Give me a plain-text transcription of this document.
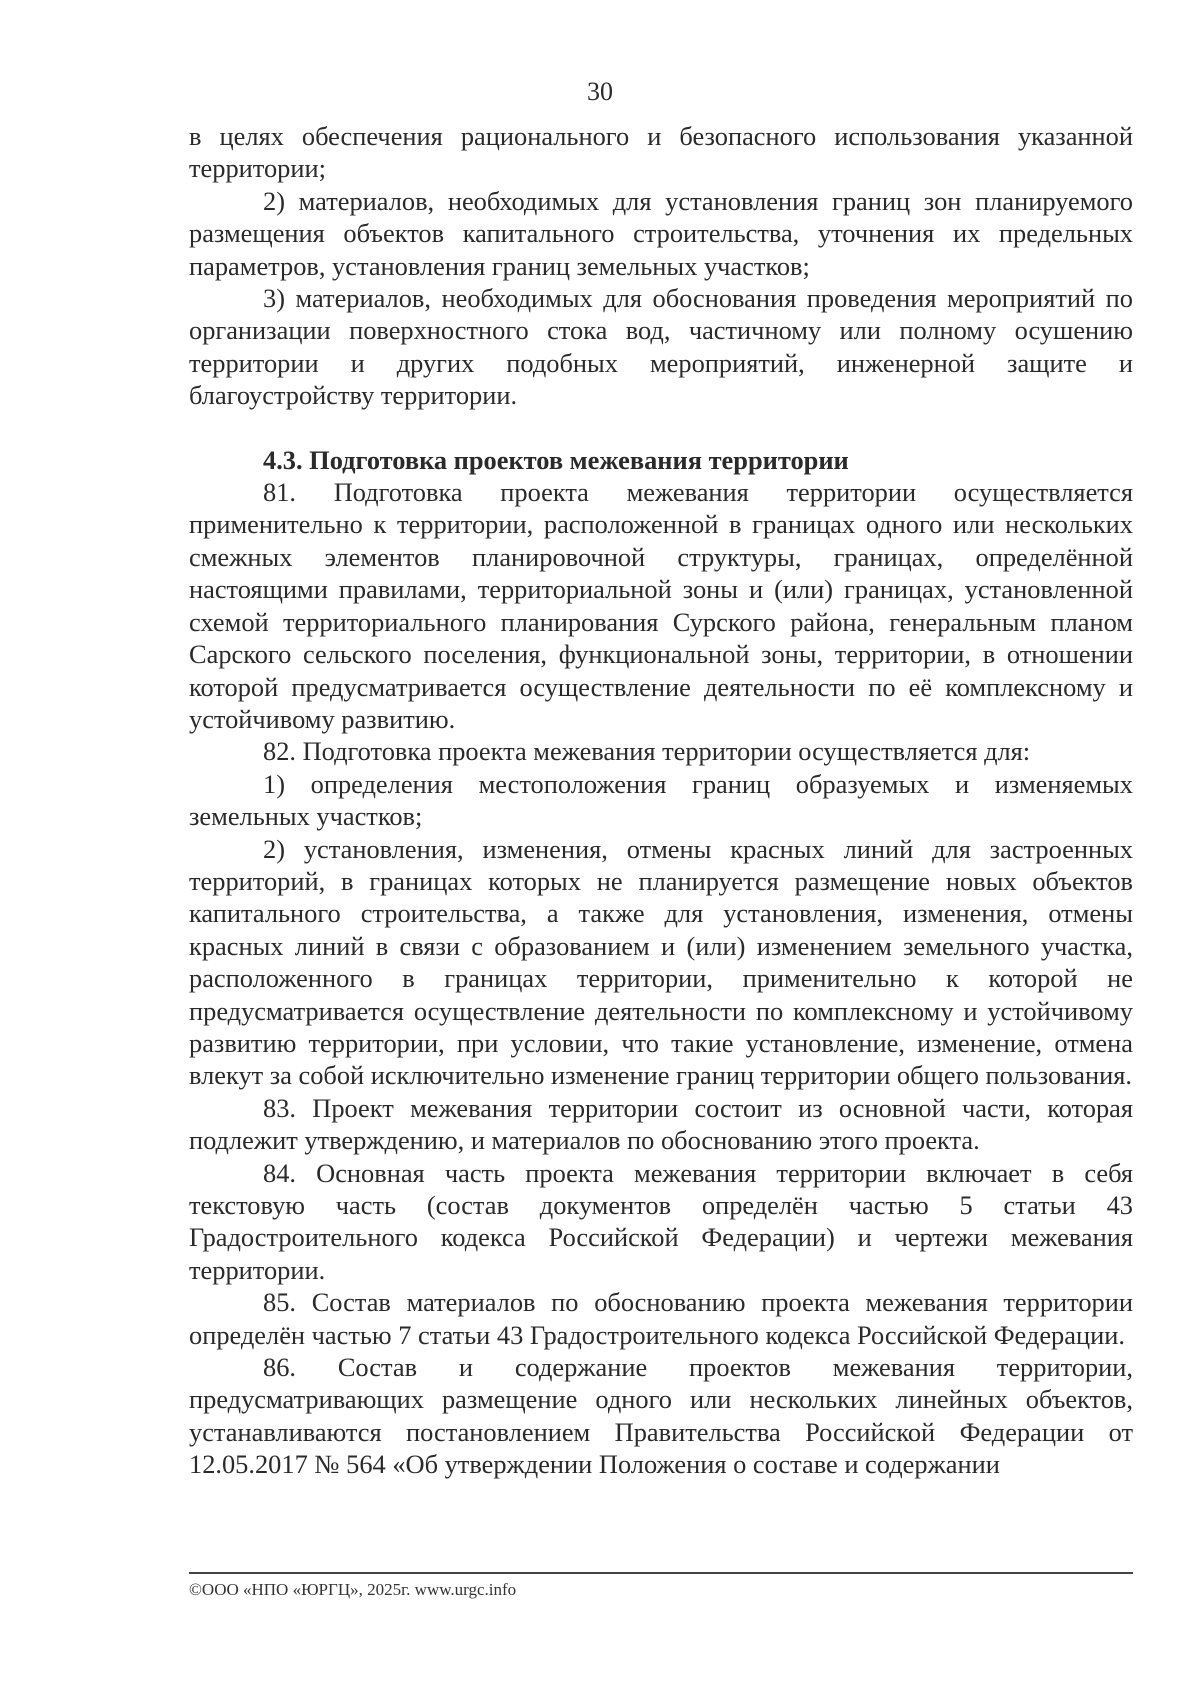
30

в целях обеспечения рационального и безопасного использования указанной территории;

2) материалов, необходимых для установления границ зон планируемого размещения объектов капитального строительства, уточнения их предельных параметров, установления границ земельных участков;

3) материалов, необходимых для обоснования проведения мероприятий по организации поверхностного стока вод, частичному или полному осушению территории и других подобных мероприятий, инженерной защите и благоустройству территории.

4.3. Подготовка проектов межевания территории

81. Подготовка проекта межевания территории осуществляется применительно к территории, расположенной в границах одного или нескольких смежных элементов планировочной структуры, границах, определённой настоящими правилами, территориальной зоны и (или) границах, установленной схемой территориального планирования Сурского района, генеральным планом Сарского сельского поселения, функциональной зоны, территории, в отношении которой предусматривается осуществление деятельности по её комплексному и устойчивому развитию.

82. Подготовка проекта межевания территории осуществляется для:

1) определения местоположения границ образуемых и изменяемых земельных участков;

2) установления, изменения, отмены красных линий для застроенных территорий, в границах которых не планируется размещение новых объектов капитального строительства, а также для установления, изменения, отмены красных линий в связи с образованием и (или) изменением земельного участка, расположенного в границах территории, применительно к которой не предусматривается осуществление деятельности по комплексному и устойчивому развитию территории, при условии, что такие установление, изменение, отмена влекут за собой исключительно изменение границ территории общего пользования.

83. Проект межевания территории состоит из основной части, которая подлежит утверждению, и материалов по обоснованию этого проекта.

84. Основная часть проекта межевания территории включает в себя текстовую часть (состав документов определён частью 5 статьи 43 Градостроительного кодекса Российской Федерации) и чертежи межевания территории.

85. Состав материалов по обоснованию проекта межевания территории определён частью 7 статьи 43 Градостроительного кодекса Российской Федерации.

86. Состав и содержание проектов межевания территории, предусматривающих размещение одного или нескольких линейных объектов, устанавливаются постановлением Правительства Российской Федерации от 12.05.2017 № 564 «Об утверждении Положения о составе и содержании

©ООО «НПО «ЮРГЦ», 2025г. www.urgc.info
